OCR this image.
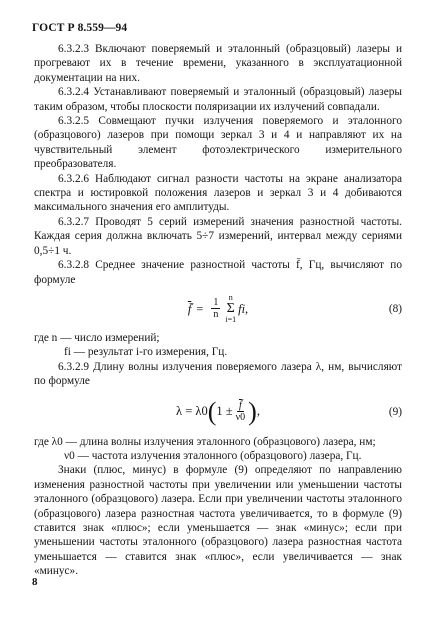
ГОСТ Р 8.559—94

6.3.2.3 Включают поверяемый и эталонный (образцовый) лазеры и прогревают их в течение времени, указанного в эксплуатационной документации на них.

6.3.2.4 Устанавливают поверяемый и эталонный (образцовый) лазеры таким образом, чтобы плоскости поляризации их излучений совпадали.

6.3.2.5 Совмещают пучки излучения поверяемого и эталонного (образцового) лазеров при помощи зеркал 3 и 4 и направляют их на чувствительный элемент фотоэлектрического измерительного преобразователя.

6.3.2.6 Наблюдают сигнал разности частоты на экране анализатора спектра и юстировкой положения лазеров и зеркал 3 и 4 добиваются максимального значения его амплитуды.

6.3.2.7 Проводят 5 серий измерений значения разностной частоты. Каждая серия должна включать 5÷7 измерений, интервал между сериями 0,5÷1 ч.

6.3.2.8 Среднее значение разностной частоты f̄, Гц, вычисляют по формуле

f̄ = $\frac{1}{n}$ n
Σ
i=1
fi ,	(8)

где n — число измерений;

fi — результат i-го измерения, Гц.

6.3.2.9 Длину волны излучения поверяемого лазера λ, нм, вычисляют по формуле

λ = λ0 ( $1 \pm \frac{f̄}{\nu 0}$ ) ,	(9)

где λ0 — длина волны излучения эталонного (образцового) лазера, нм;

ν0 — частота излучения эталонного (образцового) лазера, Гц.

Знаки (плюс, минус) в формуле (9) определяют по направлению изменения разностной частоты при увеличении или уменьшении частоты эталонного (образцового) лазера. Если при увеличении частоты эталонного (образцового) лазера разностная частота увеличивается, то в формуле (9) ставится знак «плюс»; если уменьшается — знак «минус»; если при уменьшении частоты эталонного (образцового) лазера разностная частота уменьшается — ставится знак «плюс», если увеличивается — знак «минус».

8
